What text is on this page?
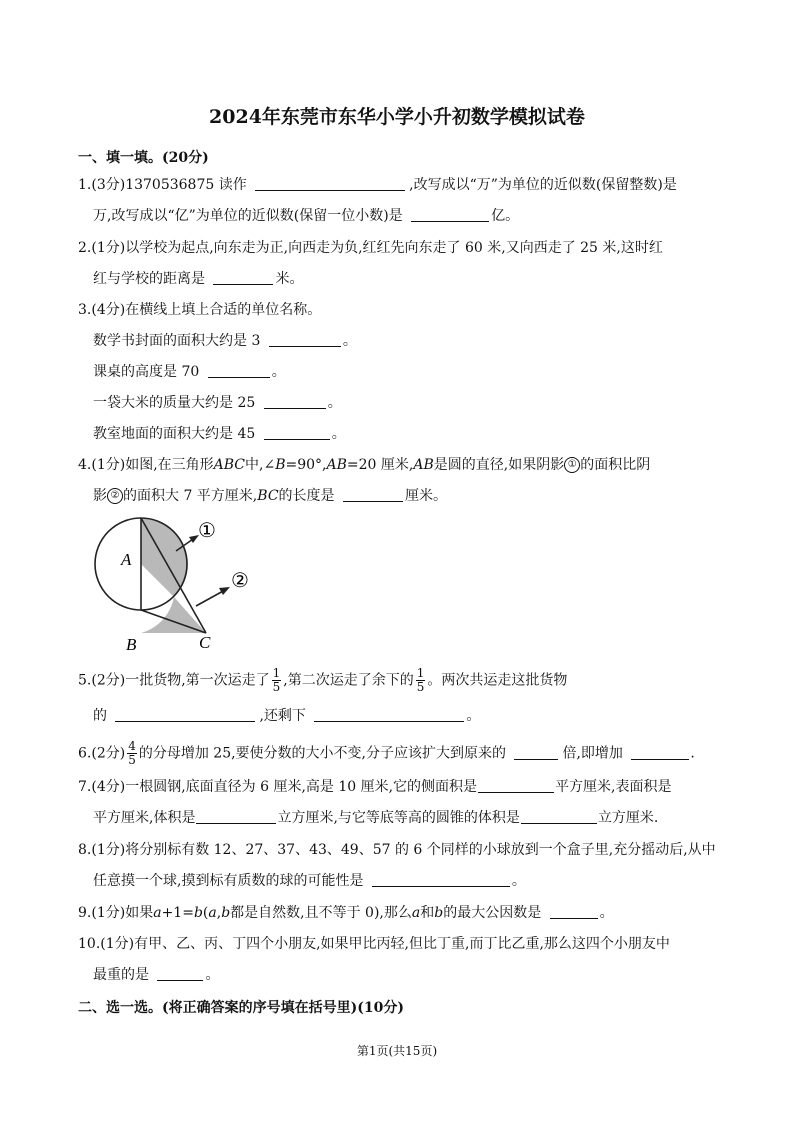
2024年东莞市东华小学小升初数学模拟试卷
一、填一填。(20分)
1.(3分)1370536875 读作	,改写成以“万”为单位的近似数(保留整数)是
万,改写成以“亿”为单位的近似数(保留一位小数)是	亿。
2.(1分)以学校为起点,向东走为正,向西走为负,红红先向东走了 60 米,又向西走了 25 米,这时红
红与学校的距离是	米。
3.(4分)在横线上填上合适的单位名称。
数学书封面的面积大约是 3	。
课桌的高度是 70	。
一袋大米的质量大约是 25	。
教室地面的面积大约是 45	。
4.(1分)如图,在三角形ABC中,∠B=90°,AB=20 厘米,AB是圆的直径,如果阴影 ① 的面积比阴
影 ② 的面积大 7 平方厘米,BC的长度是	厘米。
A
B	C
①
②
5.(2分)一批货物,第一次运走了 $\frac{1}{5}$ ,第二次运走了余下的 $\frac{1}{5}$ 。两次共运走这批货物
的	,还剩下	。
6.(2分) $\frac{4}{5}$ 的分母增加 25,要使分数的大小不变,分子应该扩大到原来的	倍,即增加	.
7.(4分)一根圆钢,底面直径为 6 厘米,高是 10 厘米,它的侧面积是	平方厘米,表面积是
平方厘米,体积是	立方厘米,与它等底等高的圆锥的体积是	立方厘米.
8.(1分)将分别标有数 12、27、37、43、49、57 的 6 个同样的小球放到一个盒子里,充分摇动后,从中
任意摸一个球,摸到标有质数的球的可能性是	。
9.(1分)如果a+1=b(a,b都是自然数,且不等于 0),那么a和b的最大公因数是	。
10.(1分)有甲、乙、丙、丁四个小朋友,如果甲比丙轻,但比丁重,而丁比乙重,那么这四个小朋友中
最重的是	。
二、选一选。(将正确答案的序号填在括号里)(10分)
第1页(共15页)
